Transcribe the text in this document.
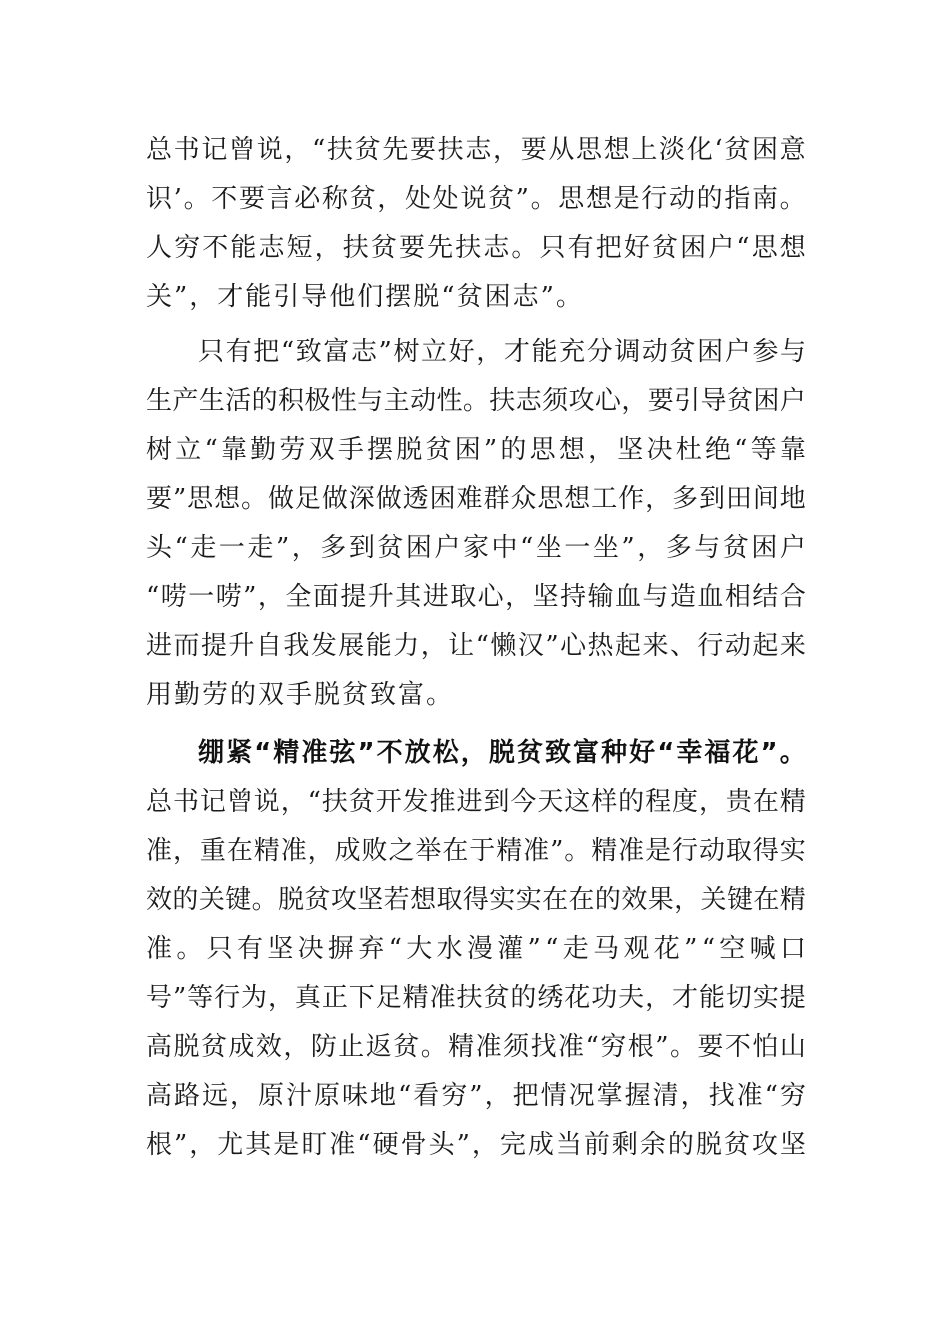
总 书 记 曾 说 ， “ 扶 贫 先 要 扶 志 ， 要 从 思 想 上 淡 化 ‘ 贫 困 意
识 ’ 。 不 要 言 必 称 贫 ， 处 处 说 贫 ” 。 思 想 是 行 动 的 指 南 。
人 穷 不 能 志 短 ， 扶 贫 要 先 扶 志 。 只 有 把 好 贫 困 户 “ 思 想
关”，才能引导他们摆脱“贫困志”。
只 有 把 “ 致 富 志 ” 树 立 好 ， 才 能 充 分 调 动 贫 困 户 参 与
生 产 生 活 的 积 极 性 与 主 动 性 。 扶 志 须 攻 心 ， 要 引 导 贫 困 户
树 立 “ 靠 勤 劳 双 手 摆 脱 贫 困 ” 的 思 想 ， 坚 决 杜 绝 “ 等 靠
要 ” 思 想 。 做 足 做 深 做 透 困 难 群 众 思 想 工 作 ， 多 到 田 间 地
头 “ 走 一 走 ” ， 多 到 贫 困 户 家 中 “ 坐 一 坐 ” ， 多 与 贫 困 户
“ 唠 一 唠 ” ， 全 面 提 升 其 进 取 心 ， 坚 持 输 血 与 造 血 相 结 合
进 而 提 升 自 我 发 展 能 力 ， 让 “ 懒 汉 ” 心 热 起 来 、 行 动 起 来
用勤劳的双手脱贫致富。
绷 紧 “ 精 准 弦 ” 不 放 松 ， 脱 贫 致 富 种 好 “ 幸 福 花 ” 。
总 书 记 曾 说 ， “ 扶 贫 开 发 推 进 到 今 天 这 样 的 程 度 ， 贵 在 精
准 ， 重 在 精 准 ， 成 败 之 举 在 于 精 准 ” 。 精 准 是 行 动 取 得 实
效 的 关 键 。 脱 贫 攻 坚 若 想 取 得 实 实 在 在 的 效 果 ， 关 键 在 精
准 。 只 有 坚 决 摒 弃 “ 大 水 漫 灌 ” “ 走 马 观 花 ” “ 空 喊 口
号 ” 等 行 为 ， 真 正 下 足 精 准 扶 贫 的 绣 花 功 夫 ， 才 能 切 实 提
高 脱 贫 成 效 ， 防 止 返 贫 。 精 准 须 找 准 “ 穷 根 ” 。 要 不 怕 山
高 路 远 ， 原 汁 原 味 地 “ 看 穷 ” ， 把 情 况 掌 握 清 ， 找 准 “ 穷
根 ” ， 尤 其 是 盯 准 “ 硬 骨 头 ” ， 完 成 当 前 剩 余 的 脱 贫 攻 坚
